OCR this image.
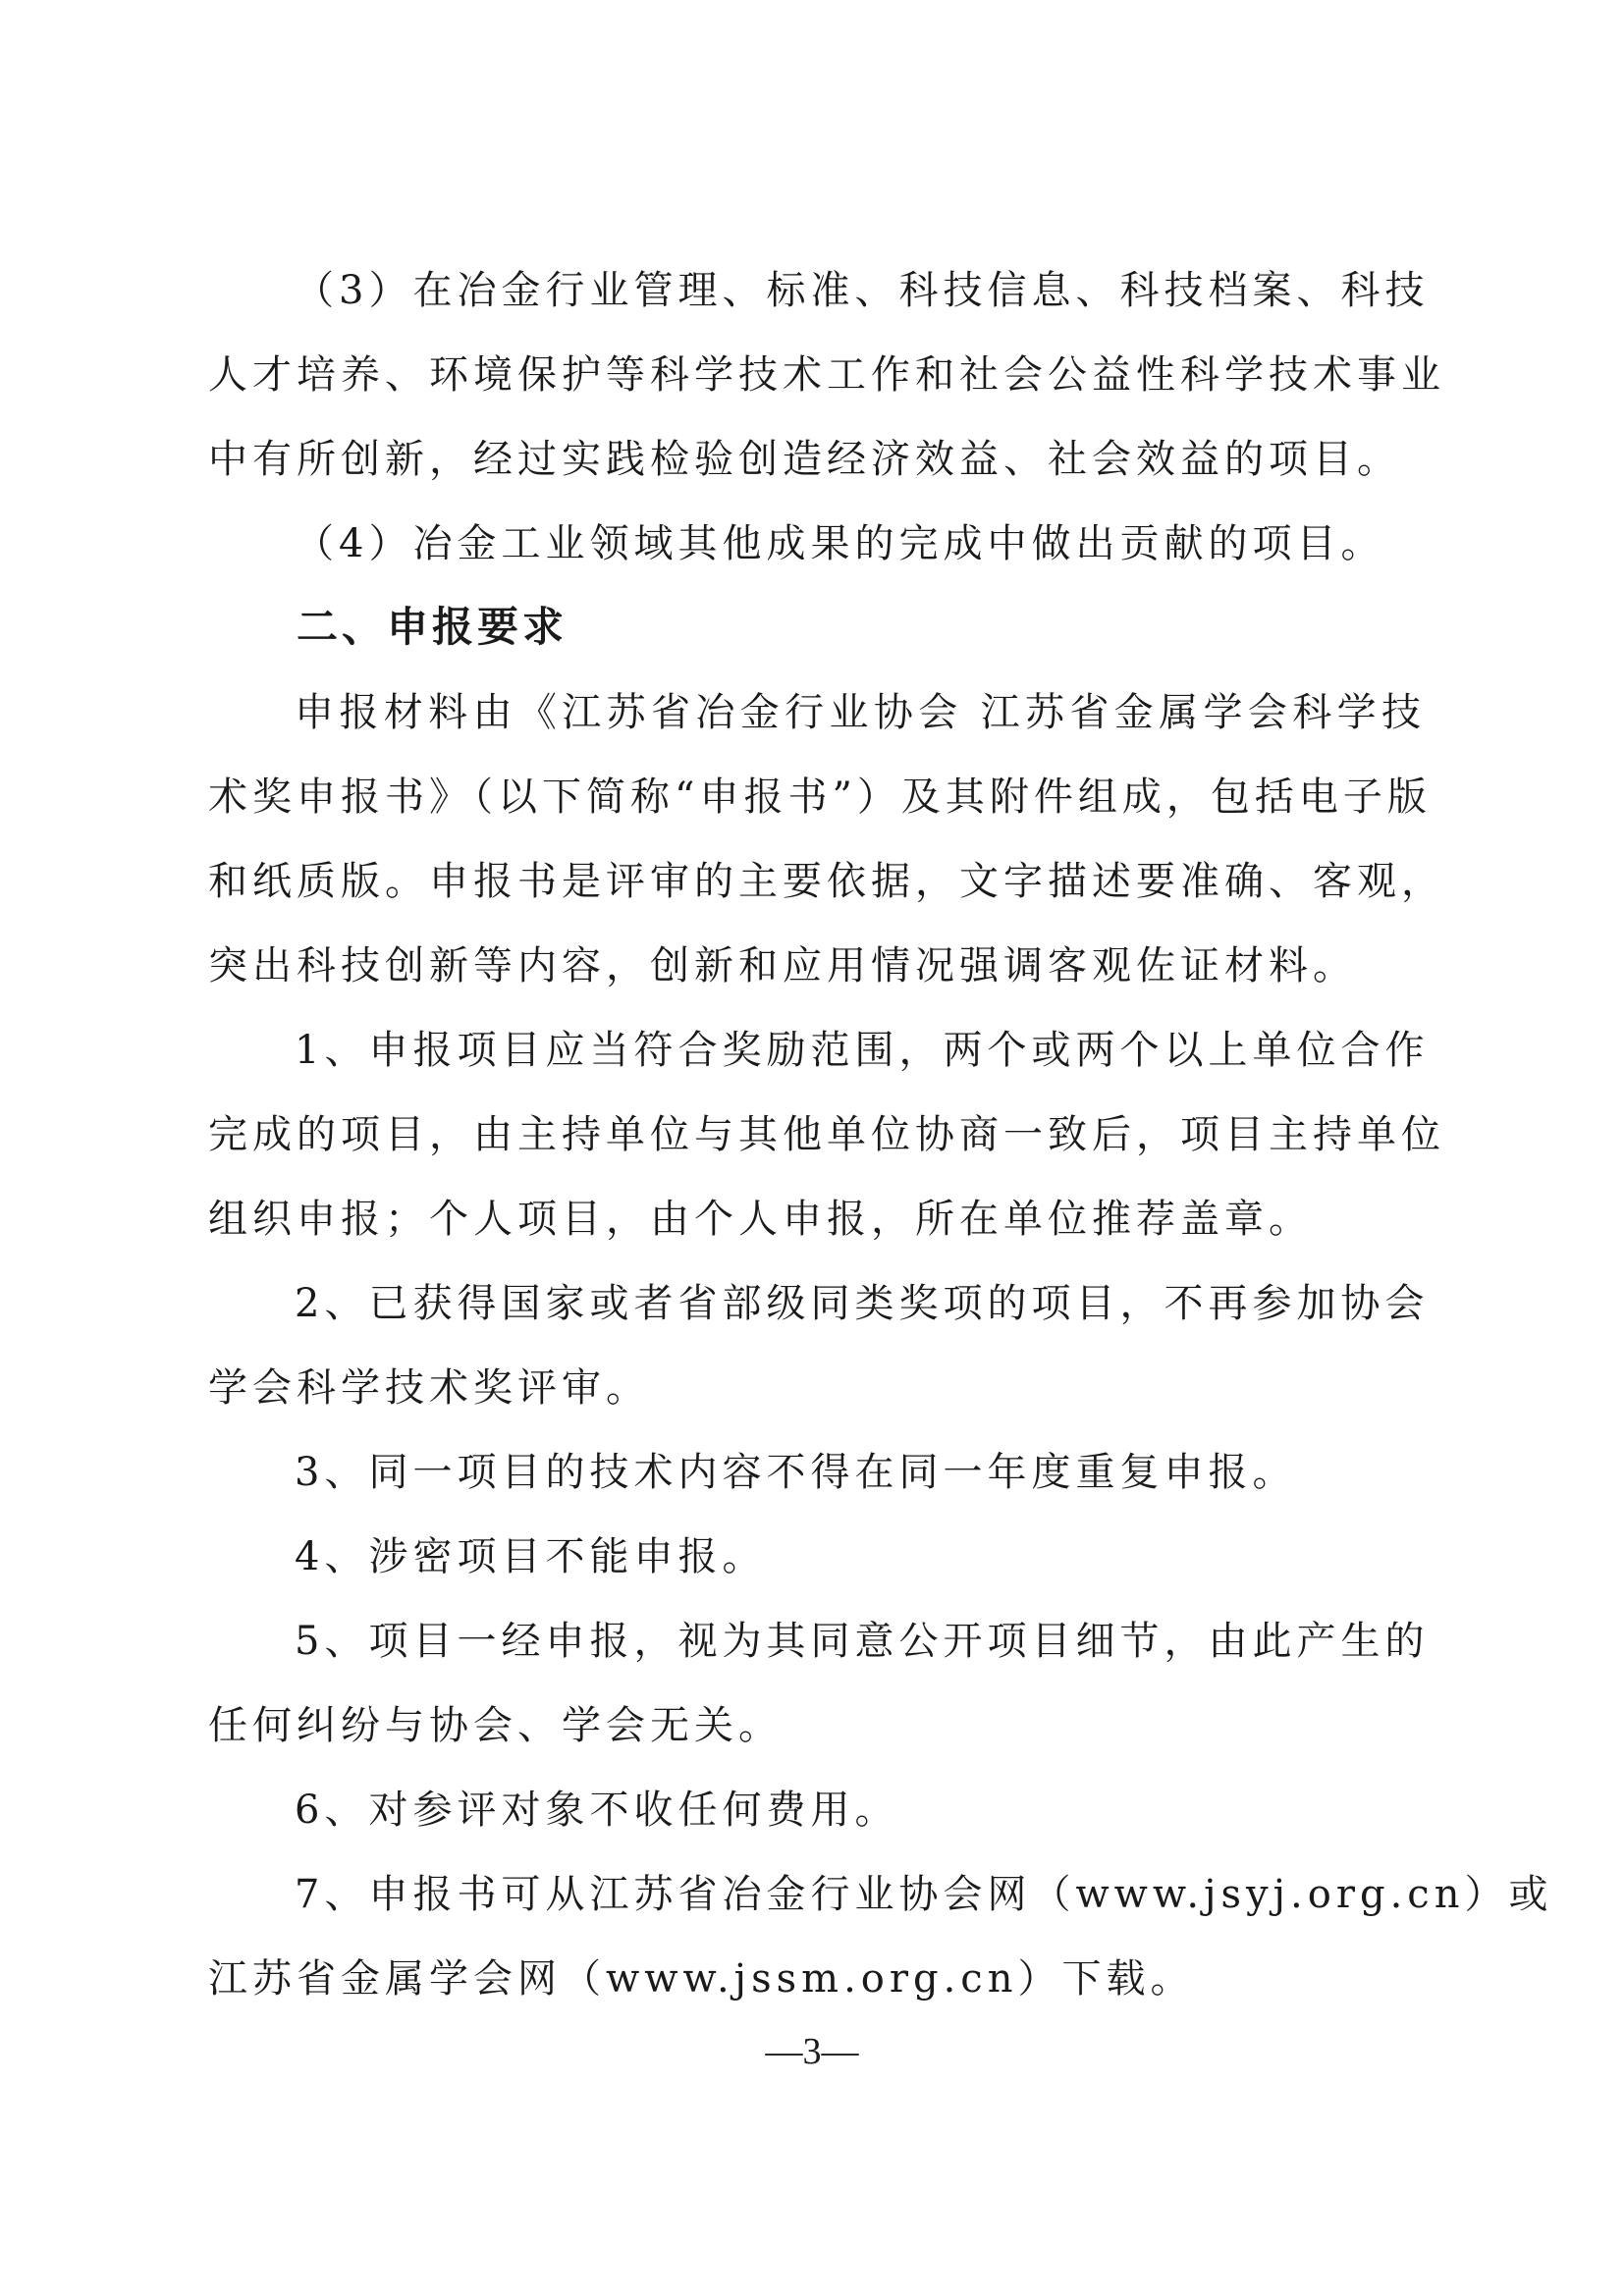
（3）在冶金行业管理、标准、科技信息、科技档案、科技
人才培养、环境保护等科学技术工作和社会公益性科学技术事业
中有所创新，经过实践检验创造经济效益、社会效益的项目。

（4）冶金工业领域其他成果的完成中做出贡献的项目。

二、申报要求

申报材料由《江苏省冶金行业协会 江苏省金属学会科学技
术奖申报书》（以下简称“申报书”）及其附件组成，包括电子版
和纸质版。申报书是评审的主要依据，文字描述要准确、客观，
突出科技创新等内容，创新和应用情况强调客观佐证材料。

1、申报项目应当符合奖励范围，两个或两个以上单位合作
完成的项目，由主持单位与其他单位协商一致后，项目主持单位
组织申报；个人项目，由个人申报，所在单位推荐盖章。

2、已获得国家或者省部级同类奖项的项目，不再参加协会
学会科学技术奖评审。

3、同一项目的技术内容不得在同一年度重复申报。

4、涉密项目不能申报。

5、项目一经申报，视为其同意公开项目细节，由此产生的
任何纠纷与协会、学会无关。

6、对参评对象不收任何费用。

7、申报书可从江苏省冶金行业协会网（www.jsyj.org.cn）或
江苏省金属学会网（www.jssm.org.cn）下载。

—3—
